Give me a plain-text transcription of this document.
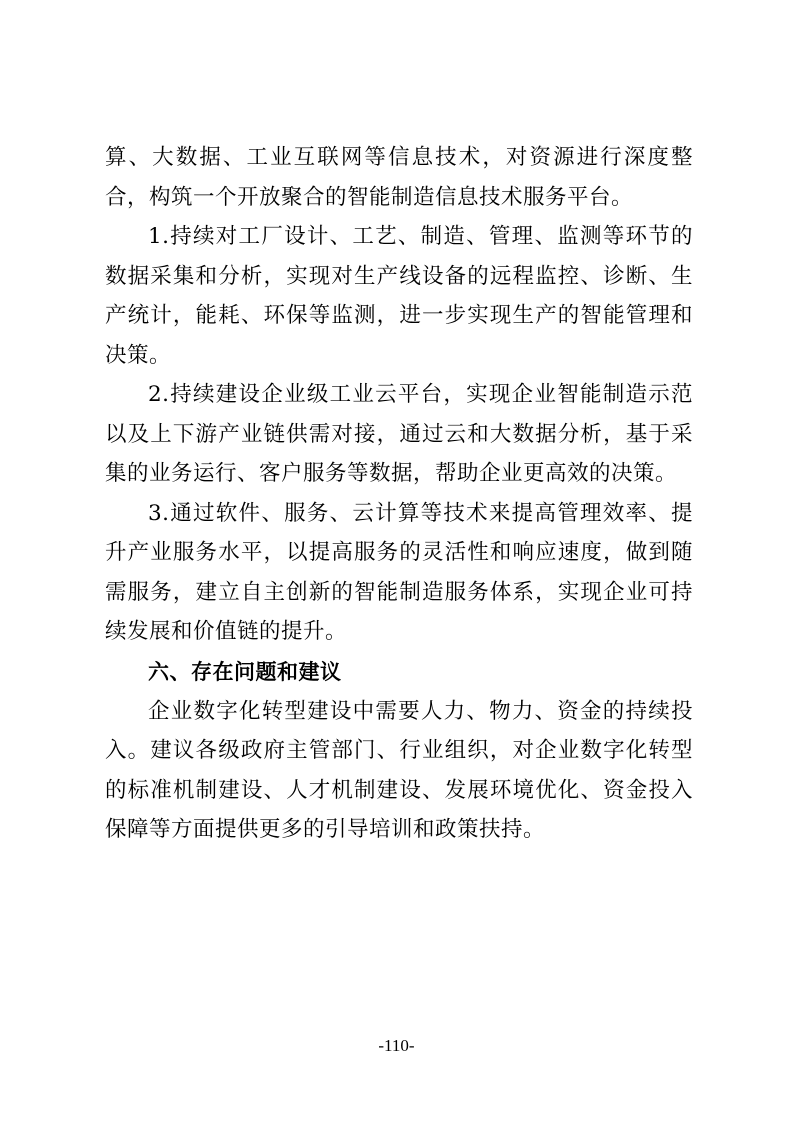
算、大数据、工业互联网等信息技术，对资源进行深度整合，构筑一个开放聚合的智能制造信息技术服务平台。

1.持续对工厂设计、工艺、制造、管理、监测等环节的数据采集和分析，实现对生产线设备的远程监控、诊断、生产统计，能耗、环保等监测，进一步实现生产的智能管理和决策。

2.持续建设企业级工业云平台，实现企业智能制造示范以及上下游产业链供需对接，通过云和大数据分析，基于采集的业务运行、客户服务等数据，帮助企业更高效的决策。

3.通过软件、服务、云计算等技术来提高管理效率、提升产业服务水平，以提高服务的灵活性和响应速度，做到随需服务，建立自主创新的智能制造服务体系，实现企业可持续发展和价值链的提升。

六、存在问题和建议

企业数字化转型建设中需要人力、物力、资金的持续投入。建议各级政府主管部门、行业组织，对企业数字化转型的标准机制建设、人才机制建设、发展环境优化、资金投入保障等方面提供更多的引导培训和政策扶持。

-110-
